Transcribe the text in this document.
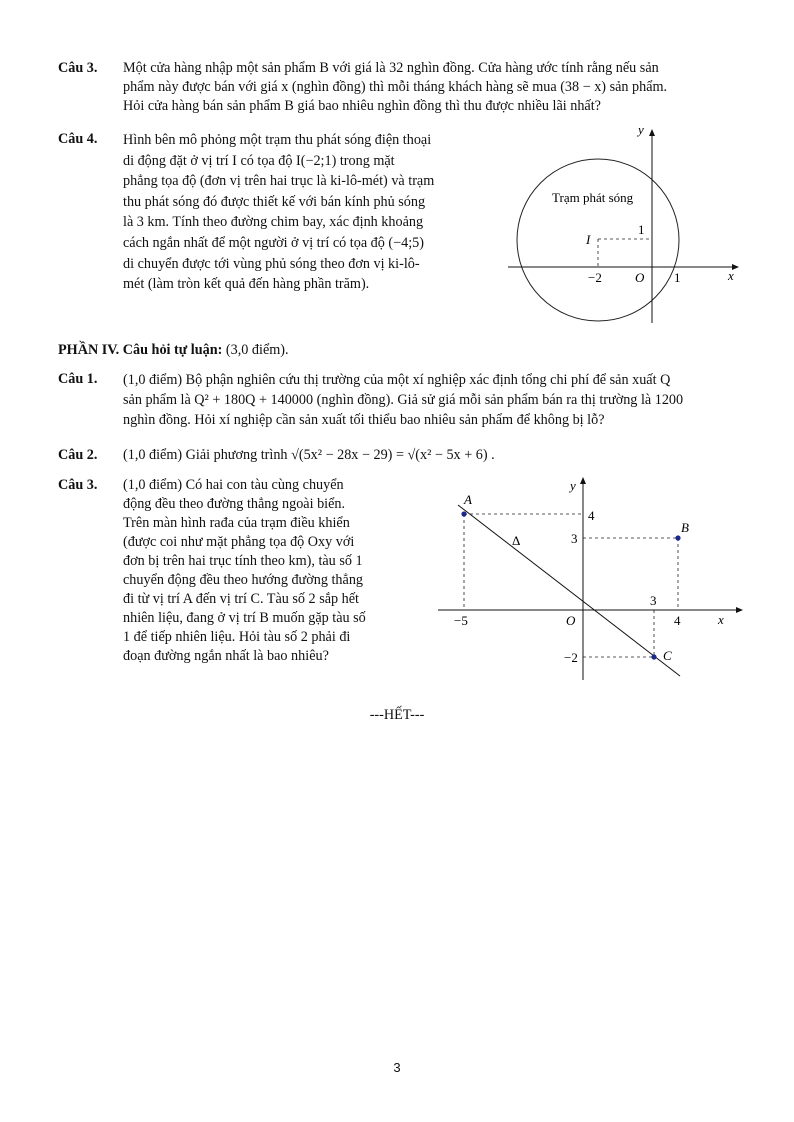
Câu 3. Một cửa hàng nhập một sản phẩm B với giá là 32 nghìn đồng. Cửa hàng ước tính rằng nếu sản
phẩm này được bán với giá x (nghìn đồng) thì mỗi tháng khách hàng sẽ mua (38 − x) sản phẩm.
Hỏi cửa hàng bán sản phẩm B giá bao nhiêu nghìn đồng thì thu được nhiều lãi nhất?
Câu 4. Hình bên mô phỏng một trạm thu phát sóng điện thoại
di động đặt ở vị trí I có tọa độ I(−2;1) trong mặt
phẳng tọa độ (đơn vị trên hai trục là ki-lô-mét) và trạm
thu phát sóng đó được thiết kế với bán kính phủ sóng
là 3 km. Tính theo đường chim bay, xác định khoảng
cách ngắn nhất để một người ở vị trí có tọa độ (−4;5)
di chuyển được tới vùng phủ sóng theo đơn vị ki-lô-
mét (làm tròn kết quả đến hàng phần trăm).
Trạm phát sóng
I
−2	O 1
1
x
y
PHẦN IV. Câu hỏi tự luận: (3,0 điểm).
Câu 1. (1,0 điểm) Bộ phận nghiên cứu thị trường của một xí nghiệp xác định tổng chi phí để sản xuất Q
sản phẩm là Q² + 180Q + 140000 (nghìn đồng). Giả sử giá mỗi sản phẩm bán ra thị trường là 1200
nghìn đồng. Hỏi xí nghiệp cần sản xuất tối thiểu bao nhiêu sản phẩm để không bị lỗ?
Câu 2. (1,0 điểm) Giải phương trình √(5x² − 28x − 29) = √(x² − 5x + 6) .
Câu 3. (1,0 điểm) Có hai con tàu cùng chuyển
động đều theo đường thẳng ngoài biển.
Trên màn hình rađa của trạm điều khiển
(được coi như mặt phẳng tọa độ Oxy với
đơn bị trên hai trục tính theo km), tàu số 1
chuyển động đều theo hướng đường thẳng
đi từ vị trí A đến vị trí C. Tàu số 2 sắp hết
nhiên liệu, đang ở vị trí B muốn gặp tàu số
1 để tiếp nhiên liệu. Hỏi tàu số 2 phải đi
đoạn đường ngắn nhất là bao nhiêu?
A
B
C
Δ
4
3
−2
−5	O	4
3
x
y
---HẾT---
3
